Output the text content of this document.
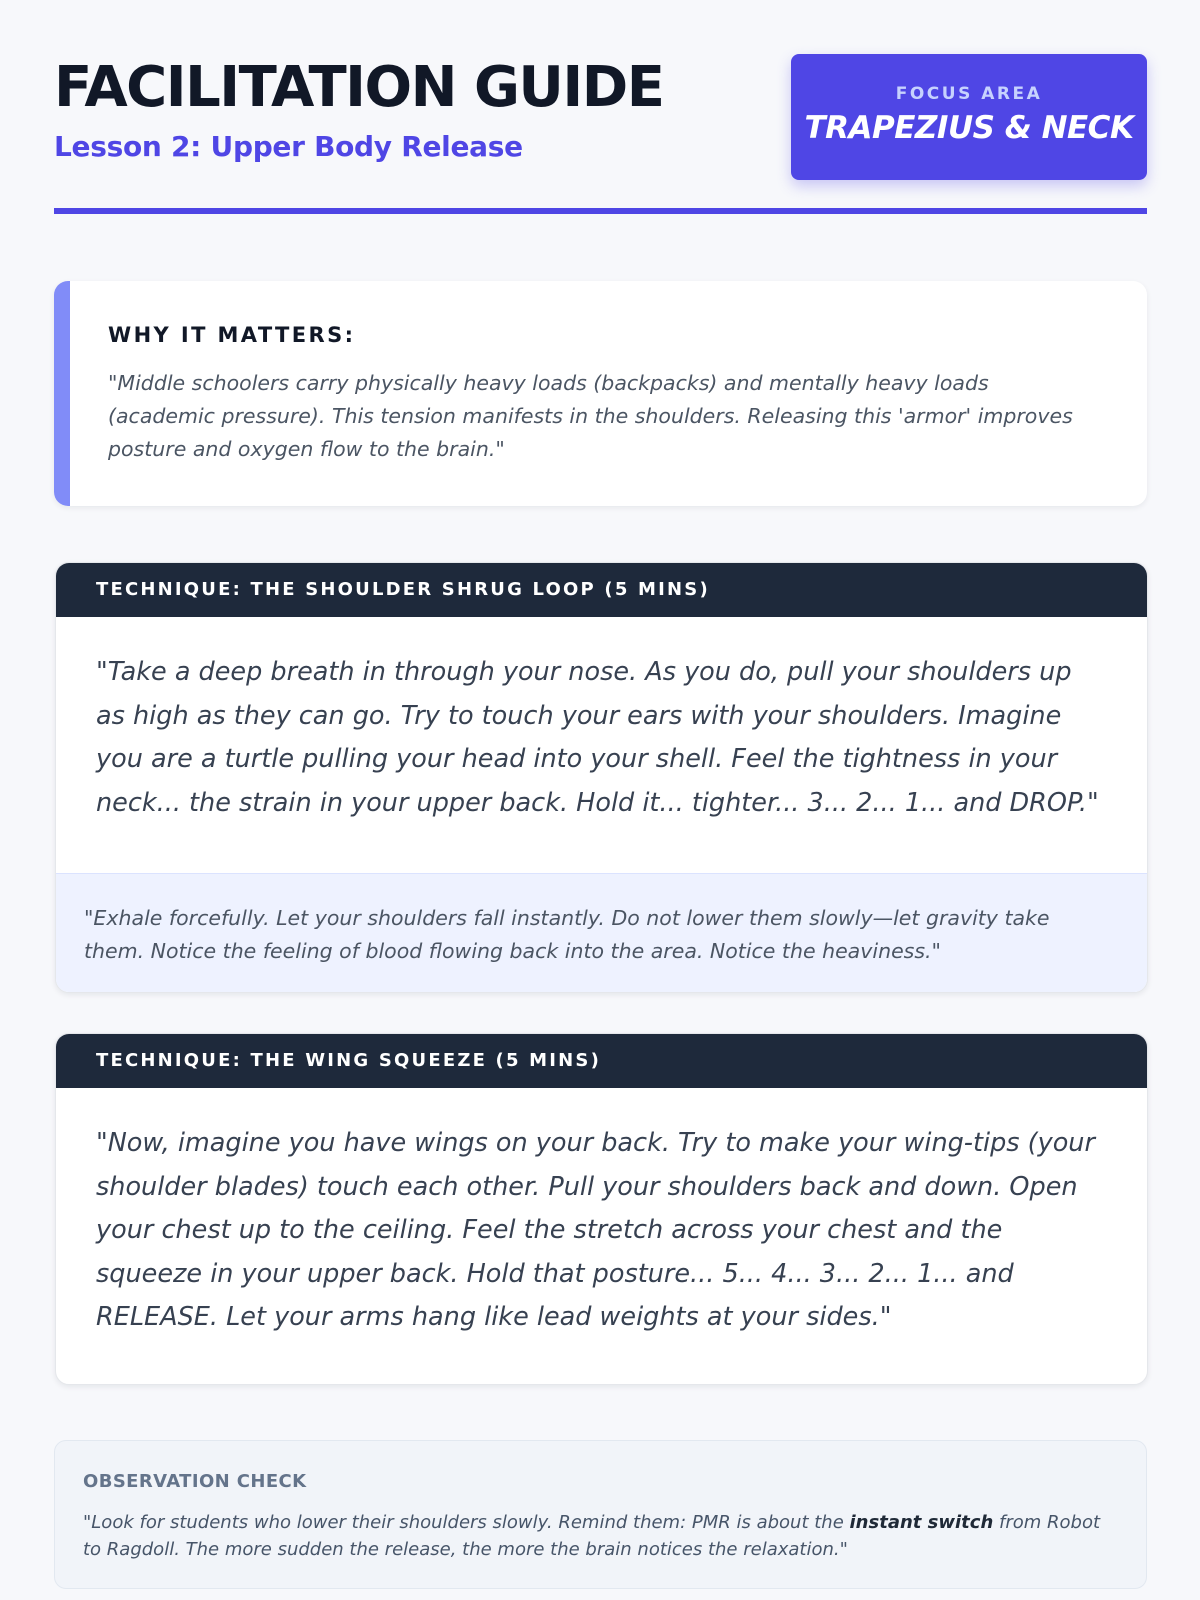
FACILITATION GUIDE
Lesson 2: Upper Body Release
FOCUS AREA
TRAPEZIUS & NECK
WHY IT MATTERS:
"Middle schoolers carry physically heavy loads (backpacks) and mentally heavy loads (academic pressure). This tension manifests in the shoulders. Releasing this 'armor' improves posture and oxygen flow to the brain."
TECHNIQUE: THE SHOULDER SHRUG LOOP (5 MINS)
"Take a deep breath in through your nose. As you do, pull your shoulders up as high as they can go. Try to touch your ears with your shoulders. Imagine you are a turtle pulling your head into your shell. Feel the tightness in your neck... the strain in your upper back. Hold it... tighter... 3... 2... 1... and DROP."
"Exhale forcefully. Let your shoulders fall instantly. Do not lower them slowly—let gravity take them. Notice the feeling of blood flowing back into the area. Notice the heaviness."
TECHNIQUE: THE WING SQUEEZE (5 MINS)
"Now, imagine you have wings on your back. Try to make your wing-tips (your shoulder blades) touch each other. Pull your shoulders back and down. Open your chest up to the ceiling. Feel the stretch across your chest and the squeeze in your upper back. Hold that posture... 5... 4... 3... 2... 1... and RELEASE. Let your arms hang like lead weights at your sides."
OBSERVATION CHECK
"Look for students who lower their shoulders slowly. Remind them: PMR is about the instant switch from Robot to Ragdoll. The more sudden the release, the more the brain notices the relaxation."
